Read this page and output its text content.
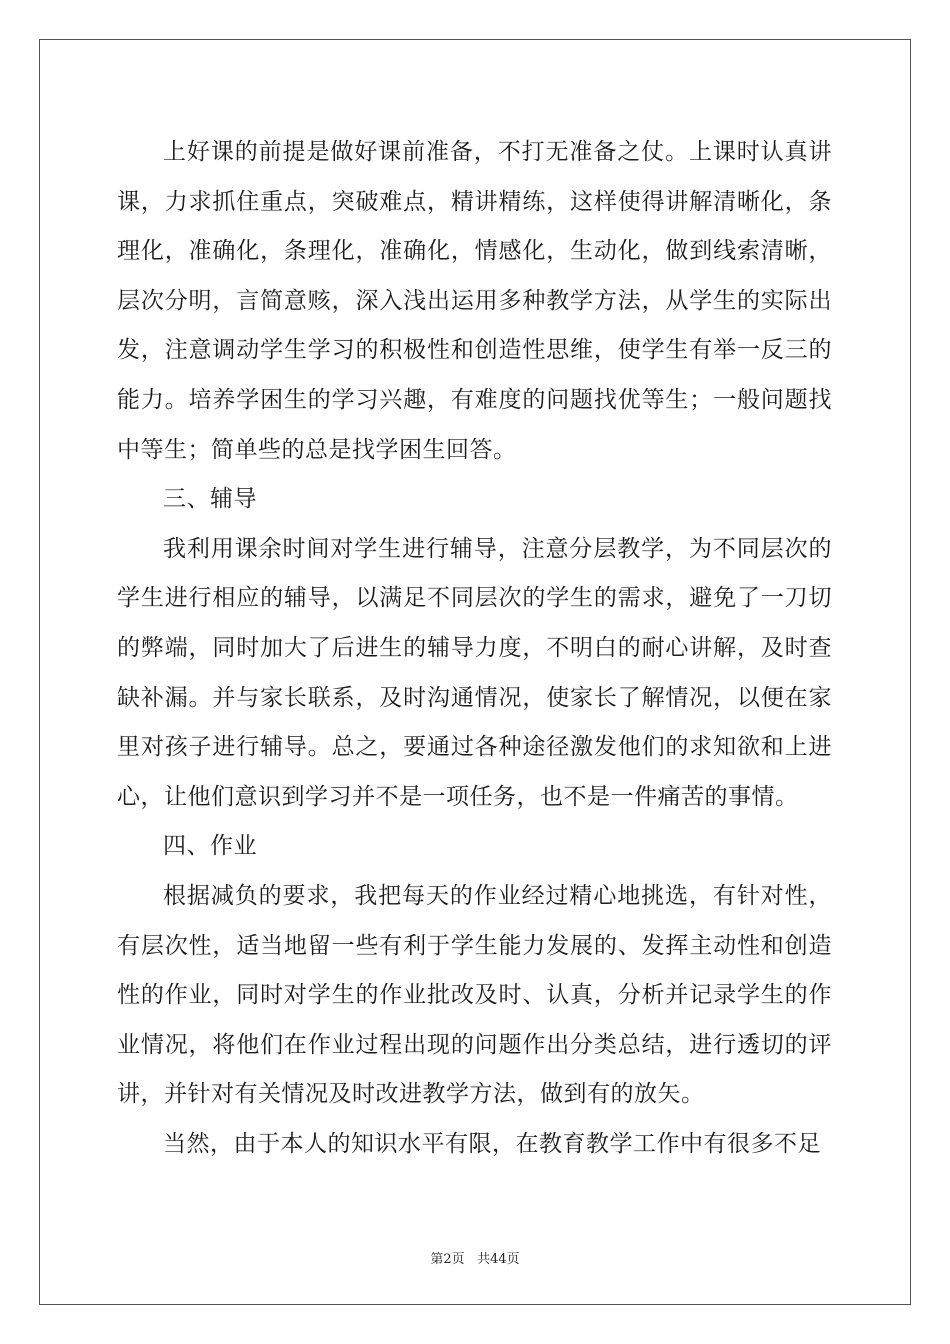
上好课的前提是做好课前准备，不打无准备之仗。上课时认真讲课，力求抓住重点，突破难点，精讲精练，这样使得讲解清晰化，条理化，准确化，条理化，准确化，情感化，生动化，做到线索清晰，层次分明，言简意赅，深入浅出运用多种教学方法，从学生的实际出发，注意调动学生学习的积极性和创造性思维，使学生有举一反三的能力。培养学困生的学习兴趣，有难度的问题找优等生；一般问题找中等生；简单些的总是找学困生回答。

三、辅导

我利用课余时间对学生进行辅导，注意分层教学，为不同层次的学生进行相应的辅导，以满足不同层次的学生的需求，避免了一刀切的弊端，同时加大了后进生的辅导力度，不明白的耐心讲解，及时查缺补漏。并与家长联系，及时沟通情况，使家长了解情况，以便在家里对孩子进行辅导。总之，要通过各种途径激发他们的求知欲和上进心，让他们意识到学习并不是一项任务，也不是一件痛苦的事情。

四、作业

根据减负的要求，我把每天的作业经过精心地挑选，有针对性，有层次性，适当地留一些有利于学生能力发展的、发挥主动性和创造性的作业，同时对学生的作业批改及时、认真，分析并记录学生的作业情况，将他们在作业过程出现的问题作出分类总结，进行透切的评讲，并针对有关情况及时改进教学方法，做到有的放矢。

当然，由于本人的知识水平有限，在教育教学工作中有很多不足

第2页 共44页
